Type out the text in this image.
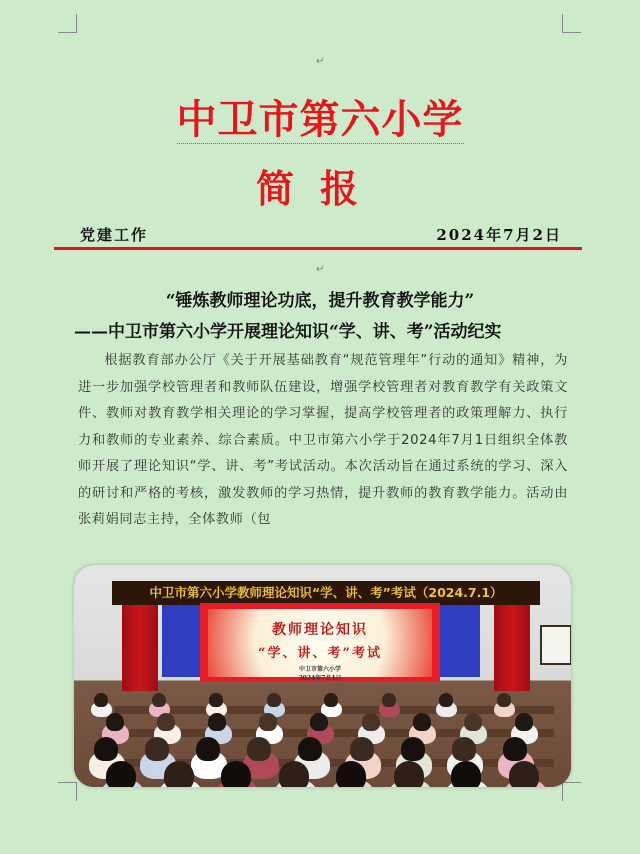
↵
↵
中卫市第六小学
简报
党建工作	2024年7月2日
“锤炼教师理论功底，提升教育教学能力”
——中卫市第六小学开展理论知识“学、讲、考”活动纪实
根据教育部办公厅《关于开展基础教育“规范管理年”行动的通知》精神，为进一步加强学校管理者和教师队伍建设，增强学校管理者对教育教学有关政策文件、教师对教育教学相关理论的学习掌握，提高学校管理者的政策理解力、执行力和教师的专业素养、综合素质。中卫市第六小学于2024年7月1日组织全体教师开展了理论知识“学、讲、考”考试活动。本次活动旨在通过系统的学习、深入的研讨和严格的考核，激发教师的学习热情，提升教师的教育教学能力。活动由张莉娟同志主持，全体教师（包
中卫市第六小学教师理论知识“学、讲、考”考试（2024.7.1）
教师理论知识
“学、讲、考”考试
中卫市第六小学
2024年7月1日
